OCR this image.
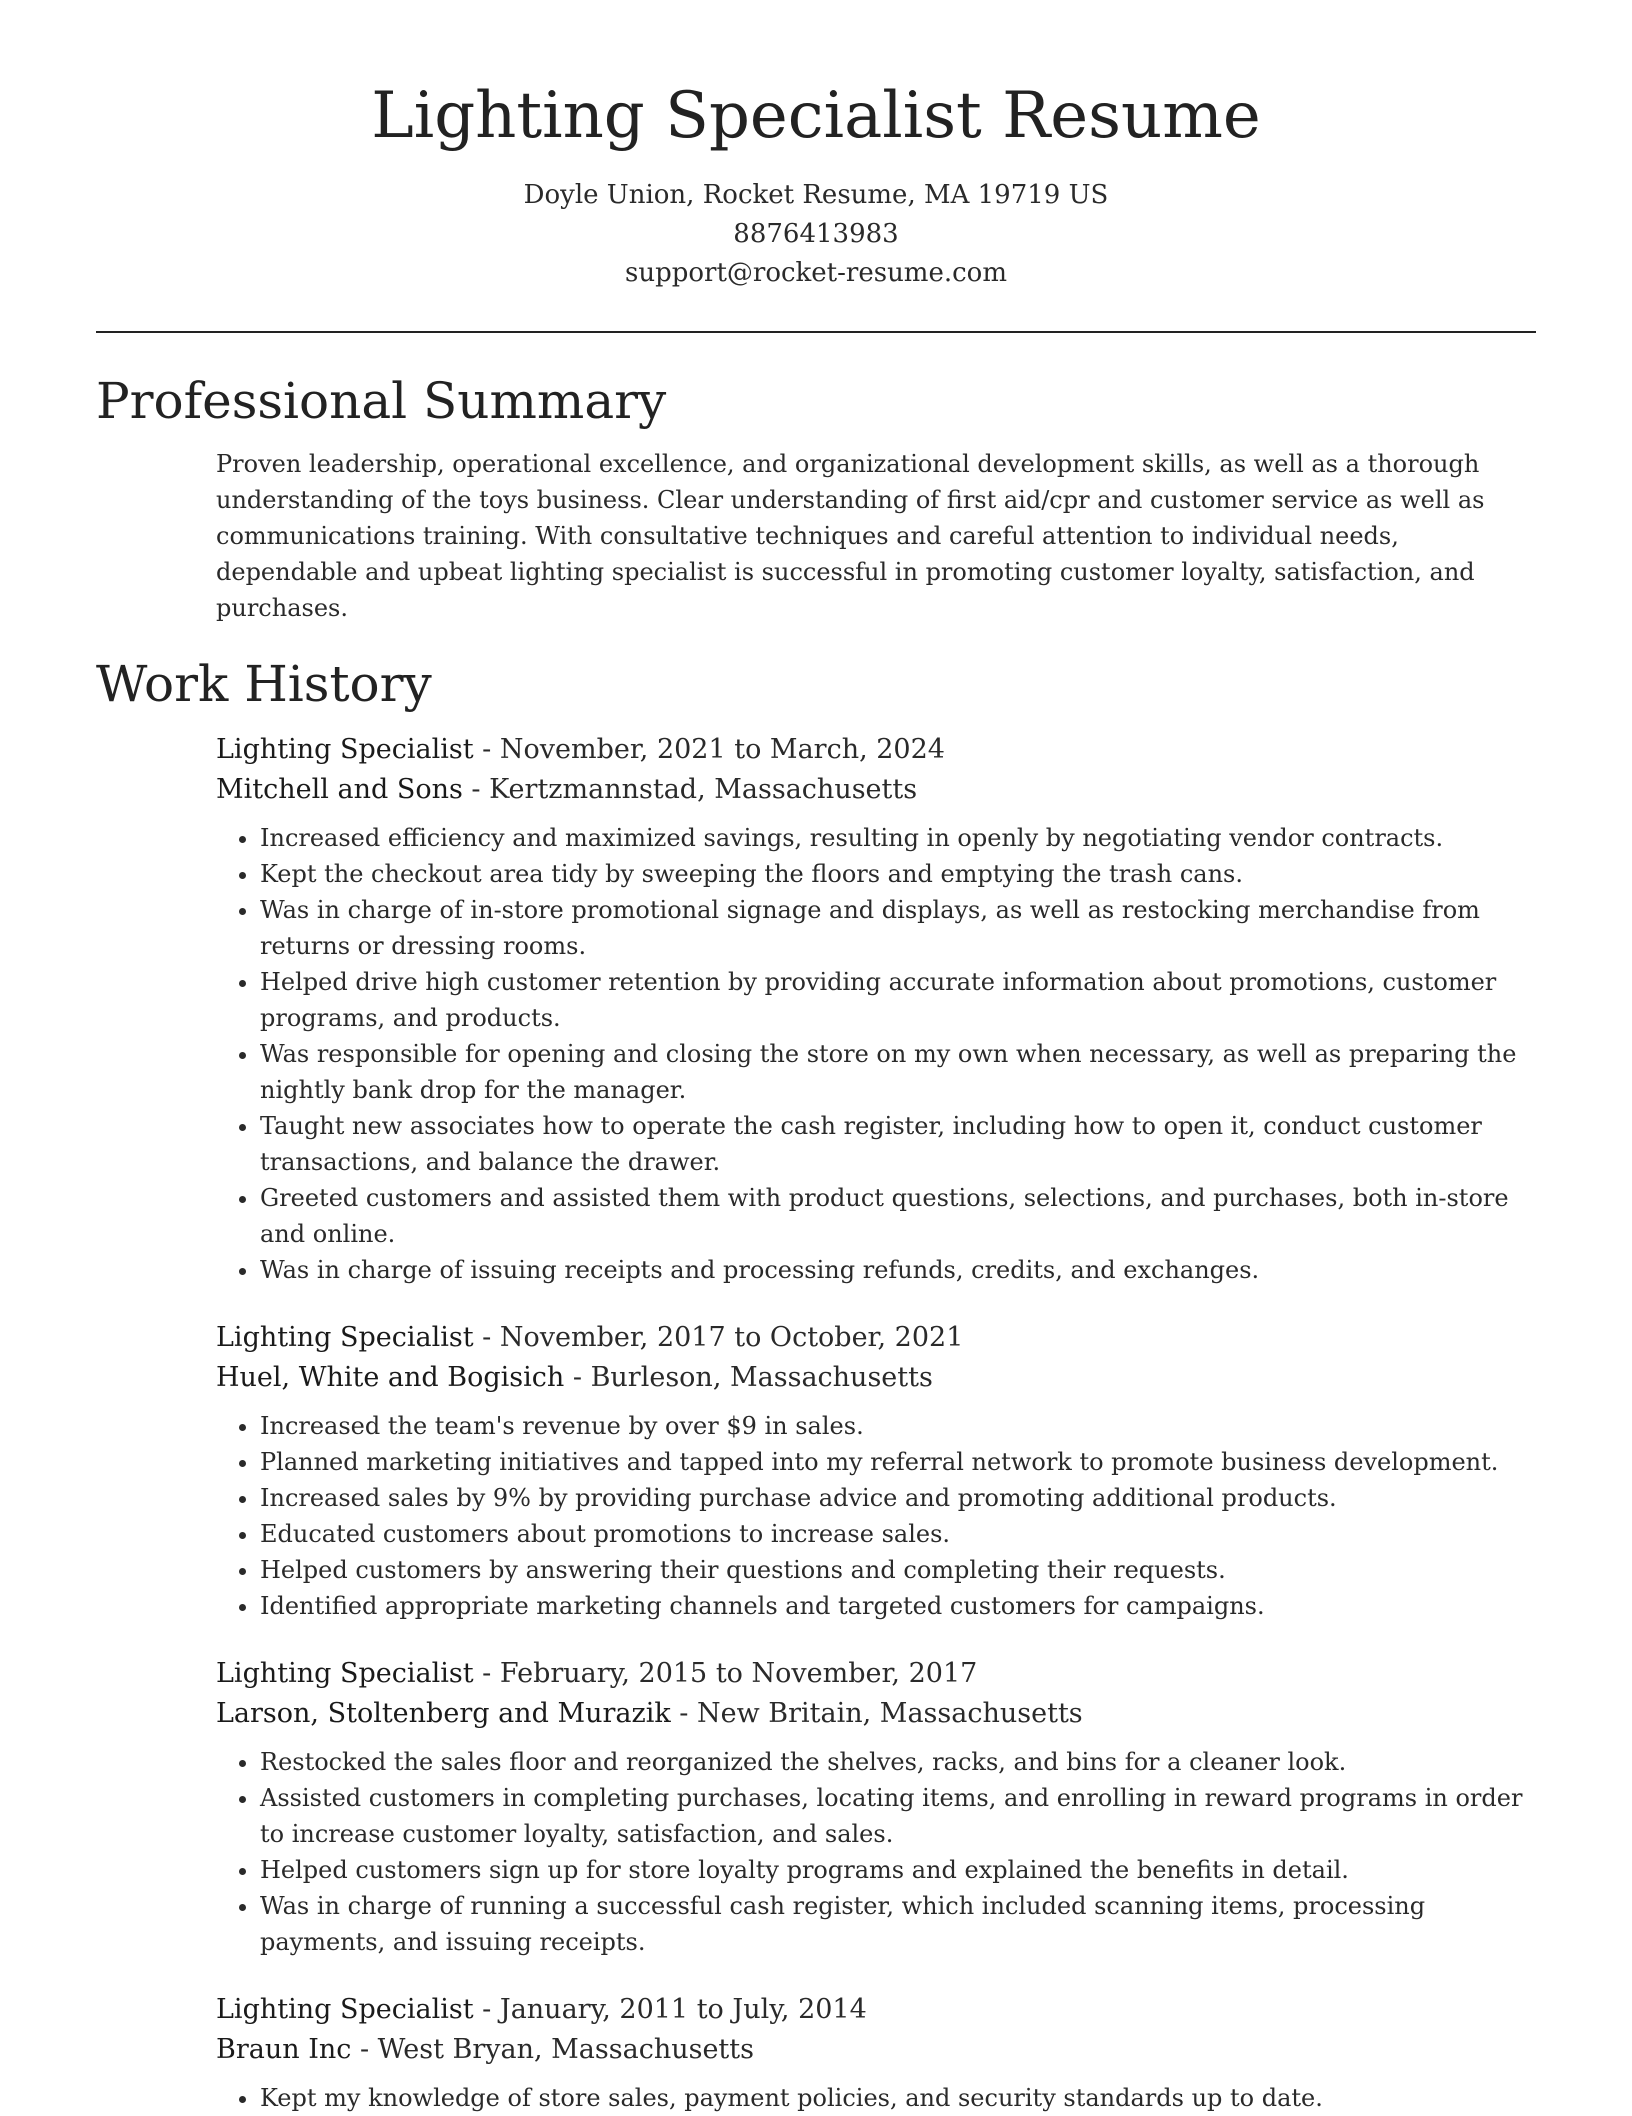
Lighting Specialist Resume
Doyle Union, Rocket Resume, MA 19719 US
8876413983
support@rocket-resume.com
Professional Summary

Proven leadership, operational excellence, and organizational development skills, as well as a thorough understanding of the toys business. Clear understanding of first aid/cpr and customer service as well as communications training. With consultative techniques and careful attention to individual needs, dependable and upbeat lighting specialist is successful in promoting customer loyalty, satisfaction, and purchases.

Work History
Lighting Specialist - November, 2021 to March, 2024
Mitchell and Sons - Kertzmannstad, Massachusetts
• Increased efficiency and maximized savings, resulting in openly by negotiating vendor contracts.
• Kept the checkout area tidy by sweeping the floors and emptying the trash cans.
• Was in charge of in-store promotional signage and displays, as well as restocking merchandise from returns or dressing rooms.
• Helped drive high customer retention by providing accurate information about promotions, customer programs, and products.
• Was responsible for opening and closing the store on my own when necessary, as well as preparing the nightly bank drop for the manager.
• Taught new associates how to operate the cash register, including how to open it, conduct customer transactions, and balance the drawer.
• Greeted customers and assisted them with product questions, selections, and purchases, both in-store and online.
• Was in charge of issuing receipts and processing refunds, credits, and exchanges.
Lighting Specialist - November, 2017 to October, 2021
Huel, White and Bogisich - Burleson, Massachusetts
• Increased the team's revenue by over $9 in sales.
• Planned marketing initiatives and tapped into my referral network to promote business development.
• Increased sales by 9% by providing purchase advice and promoting additional products.
• Educated customers about promotions to increase sales.
• Helped customers by answering their questions and completing their requests.
• Identified appropriate marketing channels and targeted customers for campaigns.
Lighting Specialist - February, 2015 to November, 2017
Larson, Stoltenberg and Murazik - New Britain, Massachusetts
• Restocked the sales floor and reorganized the shelves, racks, and bins for a cleaner look.
• Assisted customers in completing purchases, locating items, and enrolling in reward programs in order to increase customer loyalty, satisfaction, and sales.
• Helped customers sign up for store loyalty programs and explained the benefits in detail.
• Was in charge of running a successful cash register, which included scanning items, processing payments, and issuing receipts.
Lighting Specialist - January, 2011 to July, 2014
Braun Inc - West Bryan, Massachusetts
• Kept my knowledge of store sales, payment policies, and security standards up to date.
